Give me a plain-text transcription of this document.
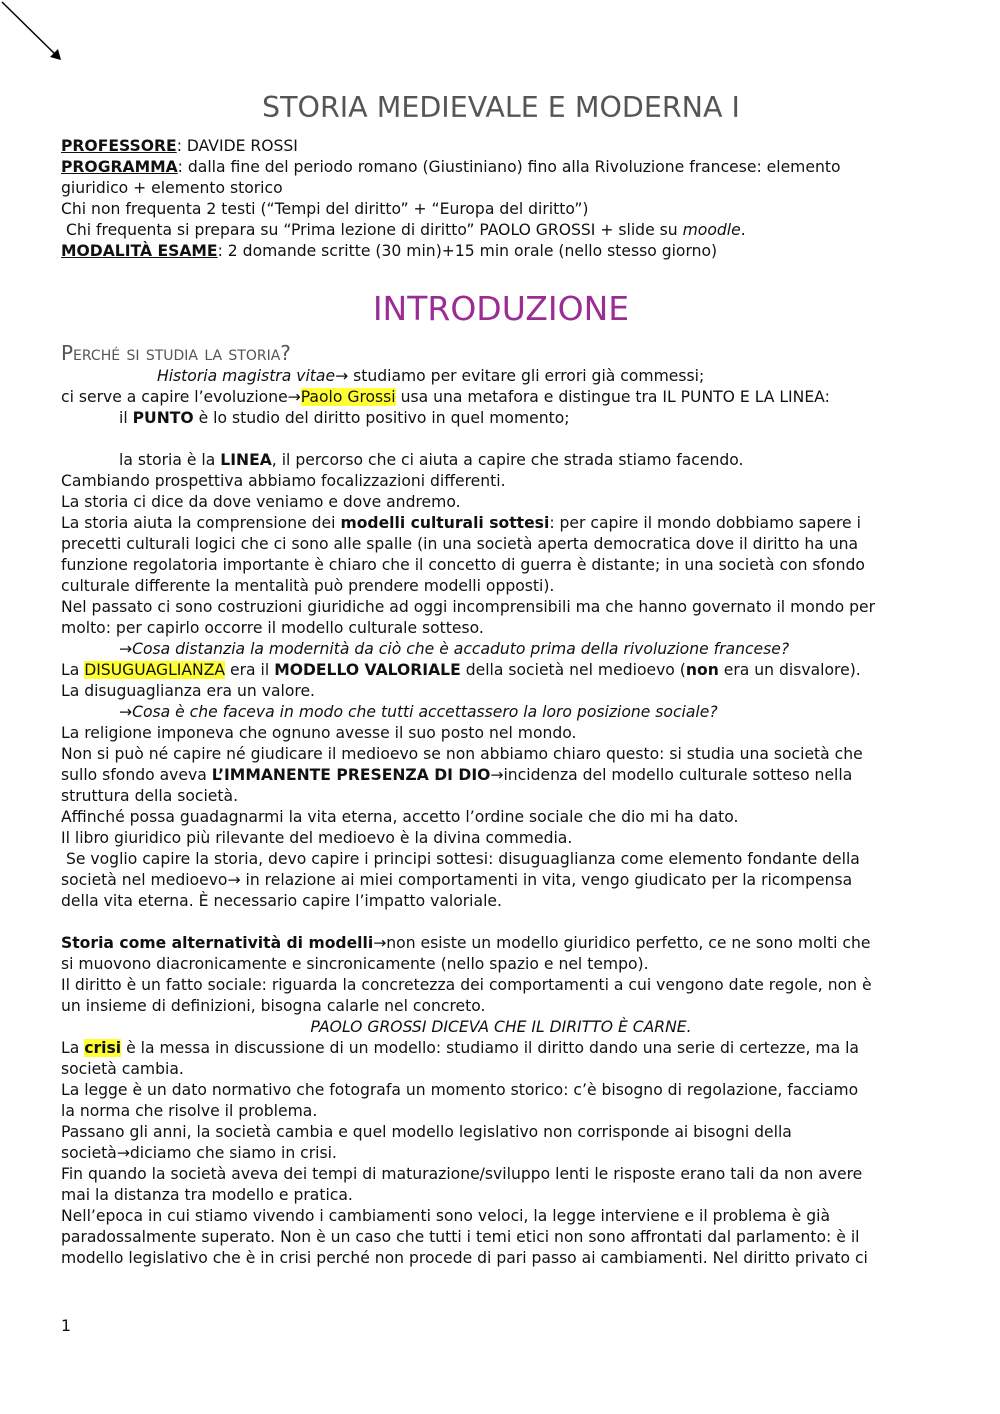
STORIA MEDIEVALE E MODERNA I
PROFESSORE: DAVIDE ROSSI
PROGRAMMA: dalla fine del periodo romano (Giustiniano) fino alla Rivoluzione francese: elemento
giuridico + elemento storico
Chi non frequenta 2 testi (“Tempi del diritto” + “Europa del diritto”)
Chi frequenta si prepara su “Prima lezione di diritto” PAOLO GROSSI + slide su moodle.
MODALITÀ ESAME: 2 domande scritte (30 min)+15 min orale (nello stesso giorno)
INTRODUZIONE
Perché si studia la storia?
Historia magistra vitae→ studiamo per evitare gli errori già commessi;
ci serve a capire l’evoluzione→Paolo Grossi usa una metafora e distingue tra IL PUNTO E LA LINEA:
il PUNTO è lo studio del diritto positivo in quel momento;
la storia è la LINEA, il percorso che ci aiuta a capire che strada stiamo facendo.
Cambiando prospettiva abbiamo focalizzazioni differenti.
La storia ci dice da dove veniamo e dove andremo.
La storia aiuta la comprensione dei modelli culturali sottesi: per capire il mondo dobbiamo sapere i
precetti culturali logici che ci sono alle spalle (in una società aperta democratica dove il diritto ha una
funzione regolatoria importante è chiaro che il concetto di guerra è distante; in una società con sfondo
culturale differente la mentalità può prendere modelli opposti).
Nel passato ci sono costruzioni giuridiche ad oggi incomprensibili ma che hanno governato il mondo per
molto: per capirlo occorre il modello culturale sotteso.
→Cosa distanzia la modernità da ciò che è accaduto prima della rivoluzione francese?
La DISUGUAGLIANZA era il MODELLO VALORIALE della società nel medioevo (non era un disvalore).
La disuguaglianza era un valore.
→Cosa è che faceva in modo che tutti accettassero la loro posizione sociale?
La religione imponeva che ognuno avesse il suo posto nel mondo.
Non si può né capire né giudicare il medioevo se non abbiamo chiaro questo: si studia una società che
sullo sfondo aveva L’IMMANENTE PRESENZA DI DIO→incidenza del modello culturale sotteso nella
struttura della società.
Affinché possa guadagnarmi la vita eterna, accetto l’ordine sociale che dio mi ha dato.
Il libro giuridico più rilevante del medioevo è la divina commedia.
Se voglio capire la storia, devo capire i principi sottesi: disuguaglianza come elemento fondante della
società nel medioevo→ in relazione ai miei comportamenti in vita, vengo giudicato per la ricompensa
della vita eterna. È necessario capire l’impatto valoriale.
Storia come alternatività di modelli→non esiste un modello giuridico perfetto, ce ne sono molti che
si muovono diacronicamente e sincronicamente (nello spazio e nel tempo).
Il diritto è un fatto sociale: riguarda la concretezza dei comportamenti a cui vengono date regole, non è
un insieme di definizioni, bisogna calarle nel concreto.
PAOLO GROSSI DICEVA CHE IL DIRITTO È CARNE.
La crisi è la messa in discussione di un modello: studiamo il diritto dando una serie di certezze, ma la
società cambia.
La legge è un dato normativo che fotografa un momento storico: c’è bisogno di regolazione, facciamo
la norma che risolve il problema.
Passano gli anni, la società cambia e quel modello legislativo non corrisponde ai bisogni della
società→diciamo che siamo in crisi.
Fin quando la società aveva dei tempi di maturazione/sviluppo lenti le risposte erano tali da non avere
mai la distanza tra modello e pratica.
Nell’epoca in cui stiamo vivendo i cambiamenti sono veloci, la legge interviene e il problema è già
paradossalmente superato. Non è un caso che tutti i temi etici non sono affrontati dal parlamento: è il
modello legislativo che è in crisi perché non procede di pari passo ai cambiamenti. Nel diritto privato ci
1
